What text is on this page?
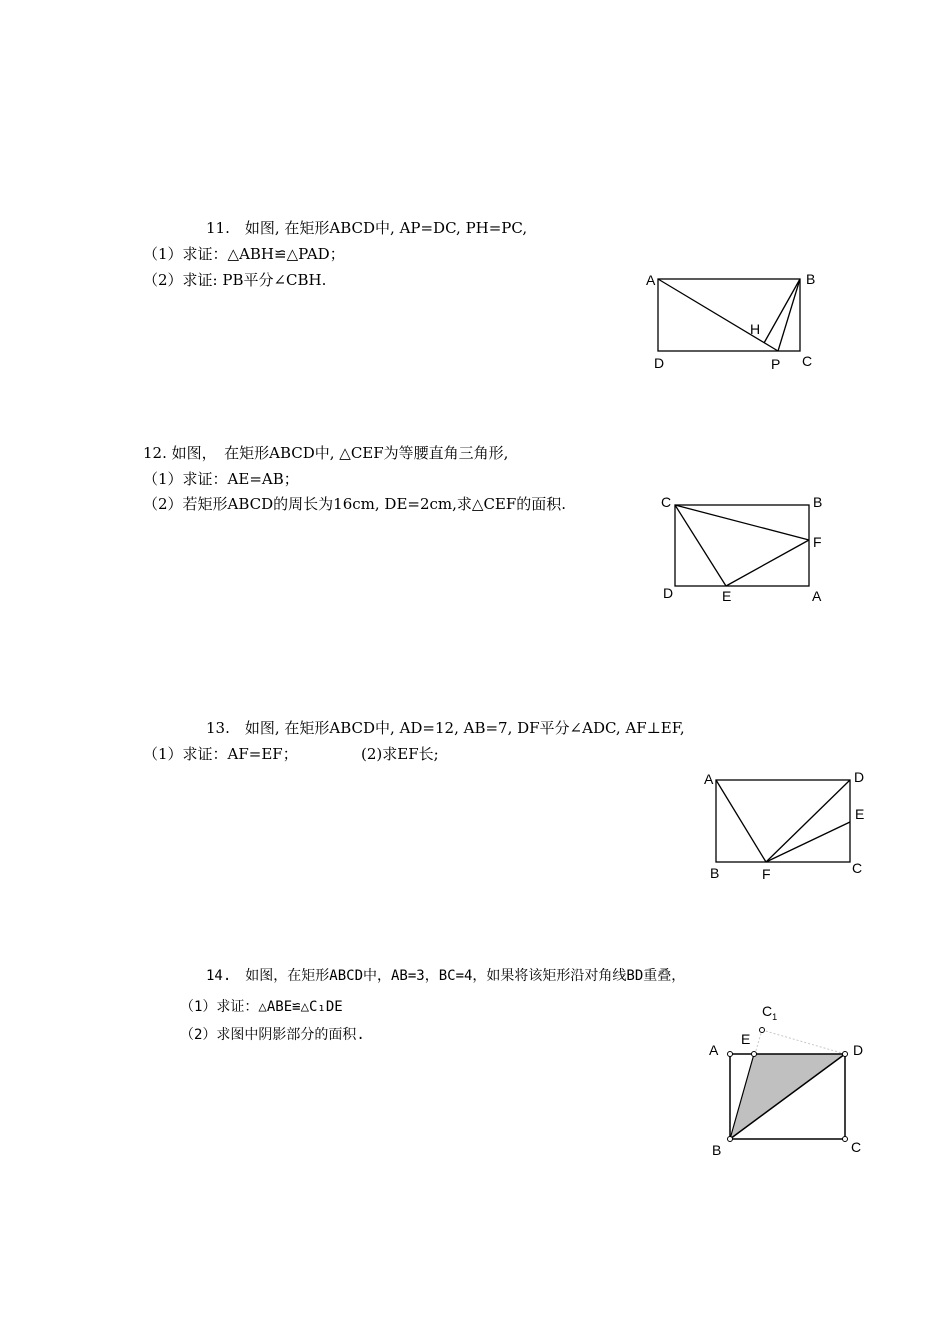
11.　如图, 在矩形ABCD中, AP=DC, PH=PC,
（1）求证：△ABH≌△PAD；
（2）求证: PB平分∠CBH.	A	B
H
D	P C
12. 如图，　在矩形ABCD中, △CEF为等腰直角三角形,
（1）求证：AE=AB；
（2）若矩形ABCD的周长为16cm, DE=2cm,求△CEF的面积.	C	B
F
D	E	A
13.　如图, 在矩形ABCD中, AD=12, AB=7, DF平分∠ADC, AF⊥EF,
（1）求证：AF=EF；	(2)求EF长;
A	D
E
B	F	C
14.　如图，在矩形ABCD中，AB=3，BC=4，如果将该矩形沿对角线BD重叠，
（1）求证：△ABE≌△C₁DE
（2）求图中阴影部分的面积.
$C_1$
E
A	D
B	C
